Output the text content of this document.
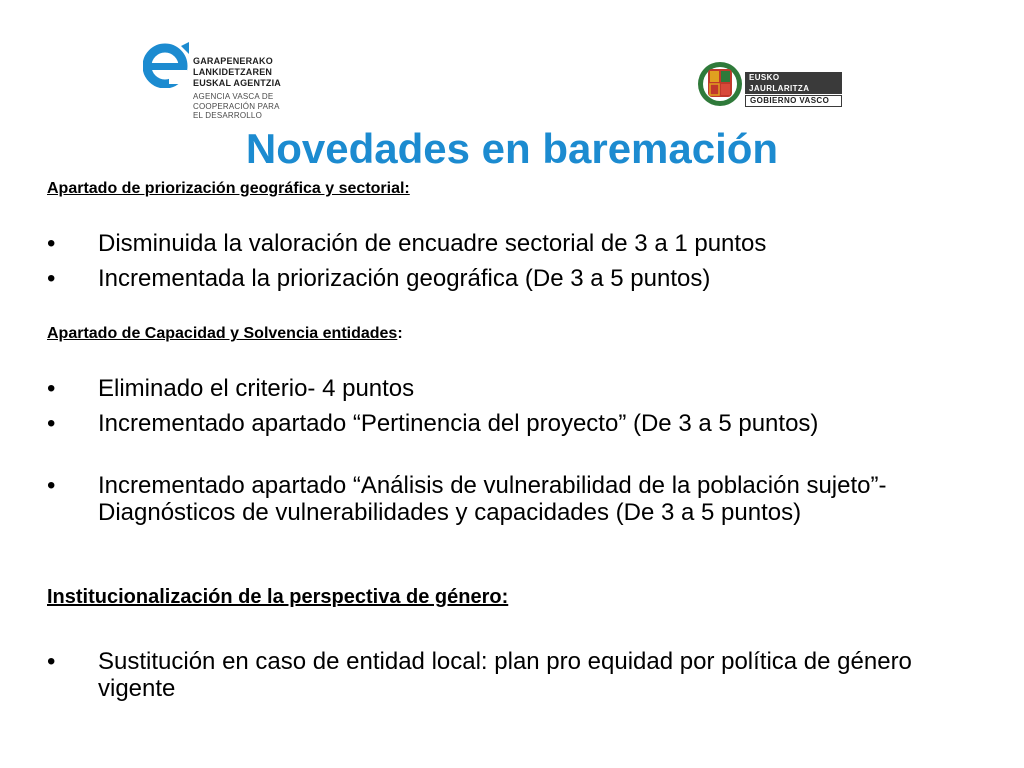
GARAPENERAKO
LANKIDETZAREN
EUSKAL AGENTZIA
AGENCIA VASCA DE
COOPERACIÓN PARA
EL DESARROLLO
EUSKO JAURLARITZA
GOBIERNO VASCO
Novedades en baremación
Apartado de priorización geográfica y sectorial:
• Disminuida la valoración de encuadre sectorial de 3 a 1 puntos
• Incrementada la priorización geográfica (De 3 a 5 puntos)
Apartado de Capacidad y Solvencia entidades:
• Eliminado el criterio- 4 puntos
• Incrementado apartado “Pertinencia del proyecto” (De 3 a 5 puntos)
• Incrementado apartado “Análisis de vulnerabilidad de la población sujeto”- Diagnósticos de vulnerabilidades y capacidades (De 3 a 5 puntos)
Institucionalización de la perspectiva de género:
• Sustitución en caso de entidad local: plan pro equidad por política de género vigente
